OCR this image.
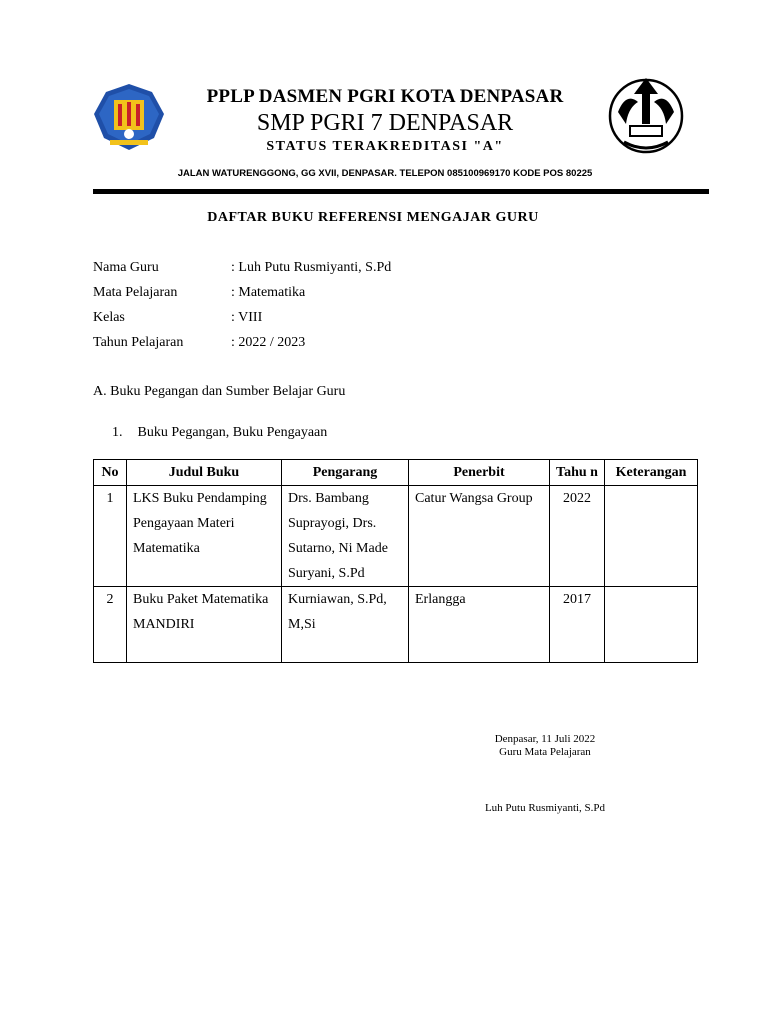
PPLP DASMEN PGRI KOTA DENPASAR
SMP PGRI 7 DENPASAR
STATUS TERAKREDITASI "A"
JALAN WATURENGGONG, GG XVII, DENPASAR. TELEPON 085100969170 KODE POS 80225
DAFTAR BUKU REFERENSI MENGAJAR GURU
Nama Guru	: Luh Putu Rusmiyanti, S.Pd
Mata Pelajaran	: Matematika
Kelas	: VIII
Tahun Pelajaran	: 2022 / 2023
A. Buku Pegangan dan Sumber Belajar Guru
1. Buku Pegangan, Buku Pengayaan
No	Judul Buku	Pengarang	Penerbit	Tahu n	Keterangan
1	LKS Buku Pendamping Pengayaan Materi Matematika	Drs. Bambang Suprayogi, Drs. Sutarno, Ni Made Suryani, S.Pd	Catur Wangsa Group	2022	
2	Buku Paket Matematika MANDIRI	Kurniawan, S.Pd, M,Si	Erlangga	2017	
Denpasar, 11 Juli 2022
Guru Mata Pelajaran
Luh Putu Rusmiyanti, S.Pd
